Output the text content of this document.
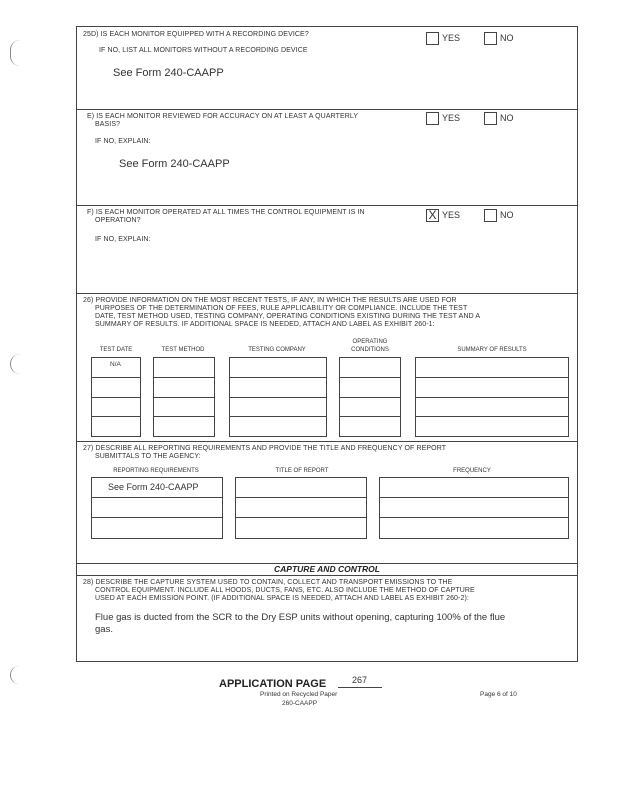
25D) IS EACH MONITOR EQUIPPED WITH A RECORDING DEVICE?	YES	NO
IF NO, LIST ALL MONITORS WITHOUT A RECORDING DEVICE
See Form 240-CAAPP
E) IS EACH MONITOR REVIEWED FOR ACCURACY ON AT LEAST A QUARTERLY
BASIS?
YES	NO
IF NO, EXPLAIN:
See Form 240-CAAPP
F) IS EACH MONITOR OPERATED AT ALL TIMES THE CONTROL EQUIPMENT IS IN
OPERATION?	X YES	NO
IF NO, EXPLAIN:
26) PROVIDE INFORMATION ON THE MOST RECENT TESTS, IF ANY, IN WHICH THE RESULTS ARE USED FOR
PURPOSES OF THE DETERMINATION OF FEES, RULE APPLICABILITY OR COMPLIANCE. INCLUDE THE TEST
DATE, TEST METHOD USED, TESTING COMPANY, OPERATING CONDITIONS EXISTING DURING THE TEST AND A
SUMMARY OF RESULTS. IF ADDITIONAL SPACE IS NEEDED, ATTACH AND LABEL AS EXHIBIT 260-1:
TEST DATE	TEST METHOD	TESTING COMPANY
OPERATING
CONDITIONS	SUMMARY OF RESULTS
N/A
27) DESCRIBE ALL REPORTING REQUIREMENTS AND PROVIDE THE TITLE AND FREQUENCY OF REPORT
SUBMITTALS TO THE AGENCY:
REPORTING REQUIREMENTS	TITLE OF REPORT	FREQUENCY
See Form 240-CAAPP
CAPTURE AND CONTROL
28) DESCRIBE THE CAPTURE SYSTEM USED TO CONTAIN, COLLECT AND TRANSPORT EMISSIONS TO THE
CONTROL EQUIPMENT. INCLUDE ALL HOODS, DUCTS, FANS, ETC. ALSO INCLUDE THE METHOD OF CAPTURE
USED AT EACH EMISSION POINT. (IF ADDITIONAL SPACE IS NEEDED, ATTACH AND LABEL AS EXHIBIT 260-2):
Flue gas is ducted from the SCR to the Dry ESP units without opening, capturing 100% of the flue
gas.
APPLICATION PAGE	267
Printed on Recycled Paper
260-CAAPP
Page 6 of 10
